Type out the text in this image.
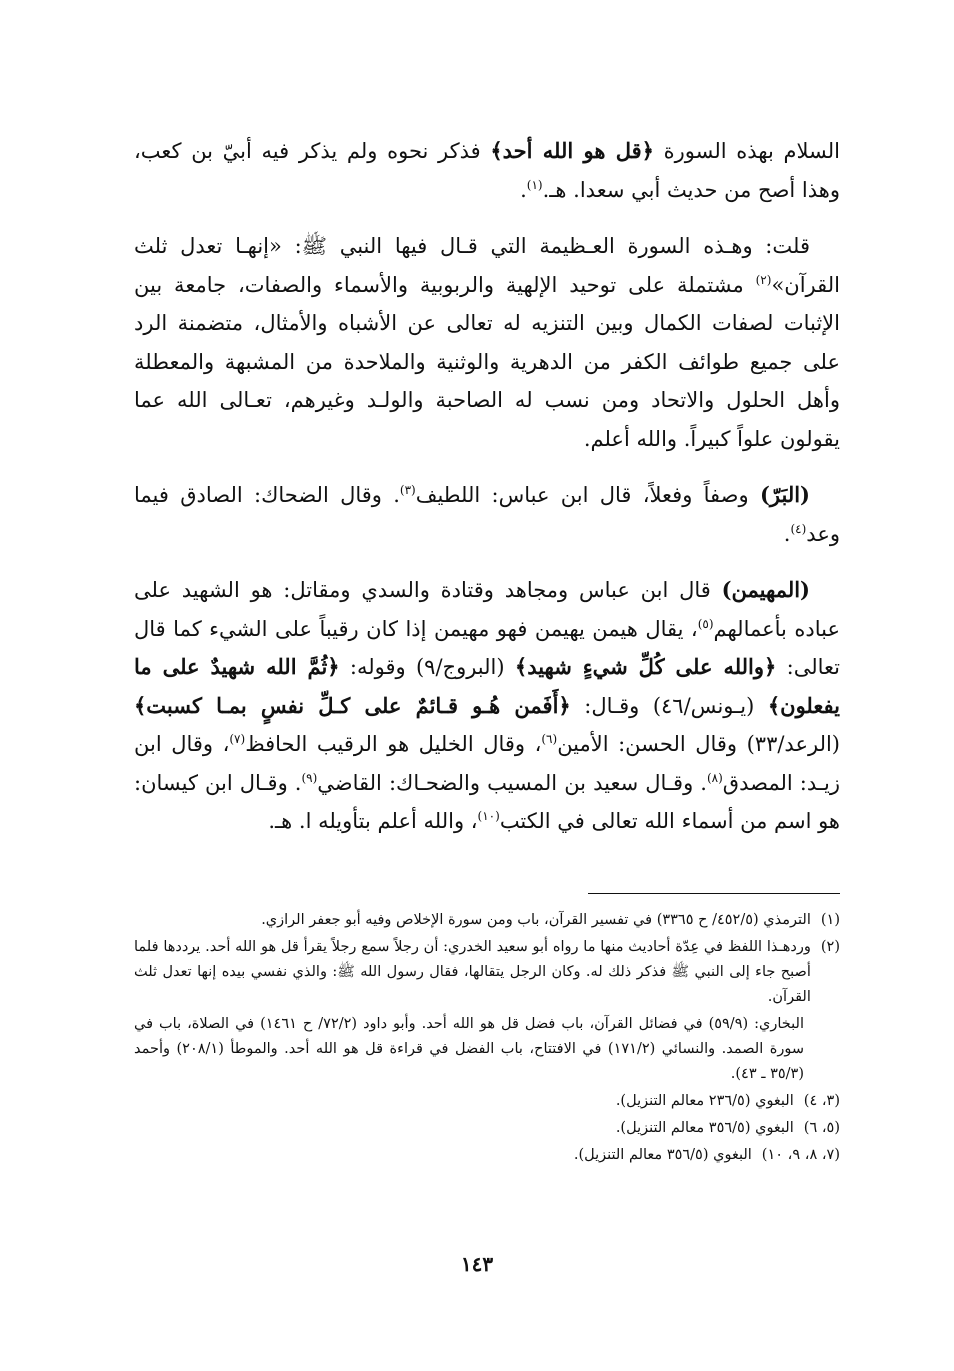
السلام بهذه السورة ﴿قل هو الله أحد﴾ فذكر نحوه ولم يذكر فيه أبيّ بن كعب، وهذا أصح من حديث أبي سعدا. هـ.$^{(١)}$.

قلت: وهـذه السورة العـظيمة التي قـال فيها النبي ﷺ: «إنهـا تعدل ثلث القرآن»$^{(٢)}$ مشتملة على توحيد الإلهية والربوبية والأسماء والصفات، جامعة بين الإثبات لصفات الكمال وبين التنزيه له تعالى عن الأشباه والأمثال، متضمنة الرد على جميع طوائف الكفر من الدهرية والوثنية والملاحدة من المشبهة والمعطلة وأهل الحلول والاتحاد ومن نسب له الصاحبة والولـد وغيرهم، تعـالى الله عما يقولون علواً كبيراً. والله أعلم.

(البَرّ) وصفاً وفعلاً، قال ابن عباس: اللطيف$^{(٣)}$. وقال الضحاك: الصادق فيما وعد$^{(٤)}$.

(المهيمن) قال ابن عباس ومجاهد وقتادة والسدي ومقاتل: هو الشهيد على عباده بأعمالهم$^{(٥)}$، يقال هيمن يهيمن فهو مهيمن إذا كان رقيباً على الشيء كما قال تعالى: ﴿والله على كُلِّ شيءٍ شهيد﴾ (البروج/٩) وقوله: ﴿ثُمَّ الله شهيدٌ على ما يفعلون﴾ (يـونس/٤٦) وقـال: ﴿أَفَمن هُـو قـائمٌ على كـلِّ نفسٍ بمـا كسبت﴾ (الرعد/٣٣) وقال الحسن: الأمين$^{(٦)}$، وقال الخليل هو الرقيب الحافظ$^{(٧)}$، وقال ابن زيـد: المصدق$^{(٨)}$. وقـال سعيد بن المسيب والضحـاك: القاضي$^{(٩)}$. وقـال ابن كيسان: هو اسم من أسماء الله تعالى في الكتب$^{(١٠)}$، والله أعلم بتأويله ا. هـ.

(١)
الترمذي (٤٥٢/٥/ ح ٣٣٦٥) في تفسير القرآن، باب ومن سورة الإخلاص وفيه أبو جعفر الرازي.
(٢)
وردهـذا اللفظ في عِدّة أحاديث منها ما رواه أبو سعيد الخدري: أن رجلاً سمع رجلاً يقرأ قل هو الله أحد. يرددها فلما أصبح جاء إلى النبي ﷺ فذكر ذلك له. وكان الرجل يتقالها، فقال رسول الله ﷺ: والذي نفسي بيده إنها تعدل ثلث القرآن.
البخاري: (٥٩/٩) في فضائل القرآن، باب فضل قل هو الله أحد. وأبو داود (٧٢/٢/ ح ١٤٦١) في الصلاة، باب في سورة الصمد. والنسائي (١٧١/٢) في الافتتاح، باب الفضل في قراءة قل هو الله أحد. والموطأ (٢٠٨/١) وأحمد (٣٥/٣ ـ ٤٣).
(٣، ٤)
البغوي (٢٣٦/٥ معالم التنزيل).
(٥، ٦)
البغوي (٣٥٦/٥ معالم التنزيل).
(٧، ٨، ٩، ١٠)
البغوي (٣٥٦/٥ معالم التنزيل).
١٤٣
